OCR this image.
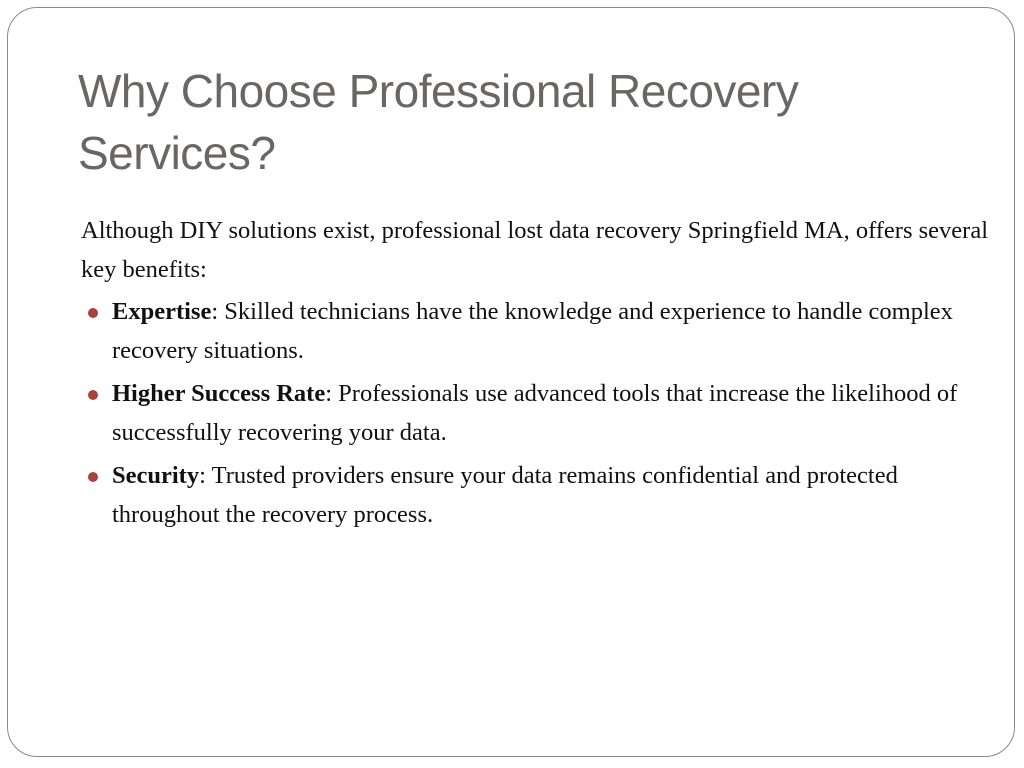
Why Choose Professional Recovery Services?

Although DIY solutions exist, professional lost data recovery Springfield MA, offers several key benefits:

Expertise: Skilled technicians have the knowledge and experience to handle complex recovery situations.
Higher Success Rate: Professionals use advanced tools that increase the likelihood of successfully recovering your data.
Security: Trusted providers ensure your data remains confidential and protected throughout the recovery process.
